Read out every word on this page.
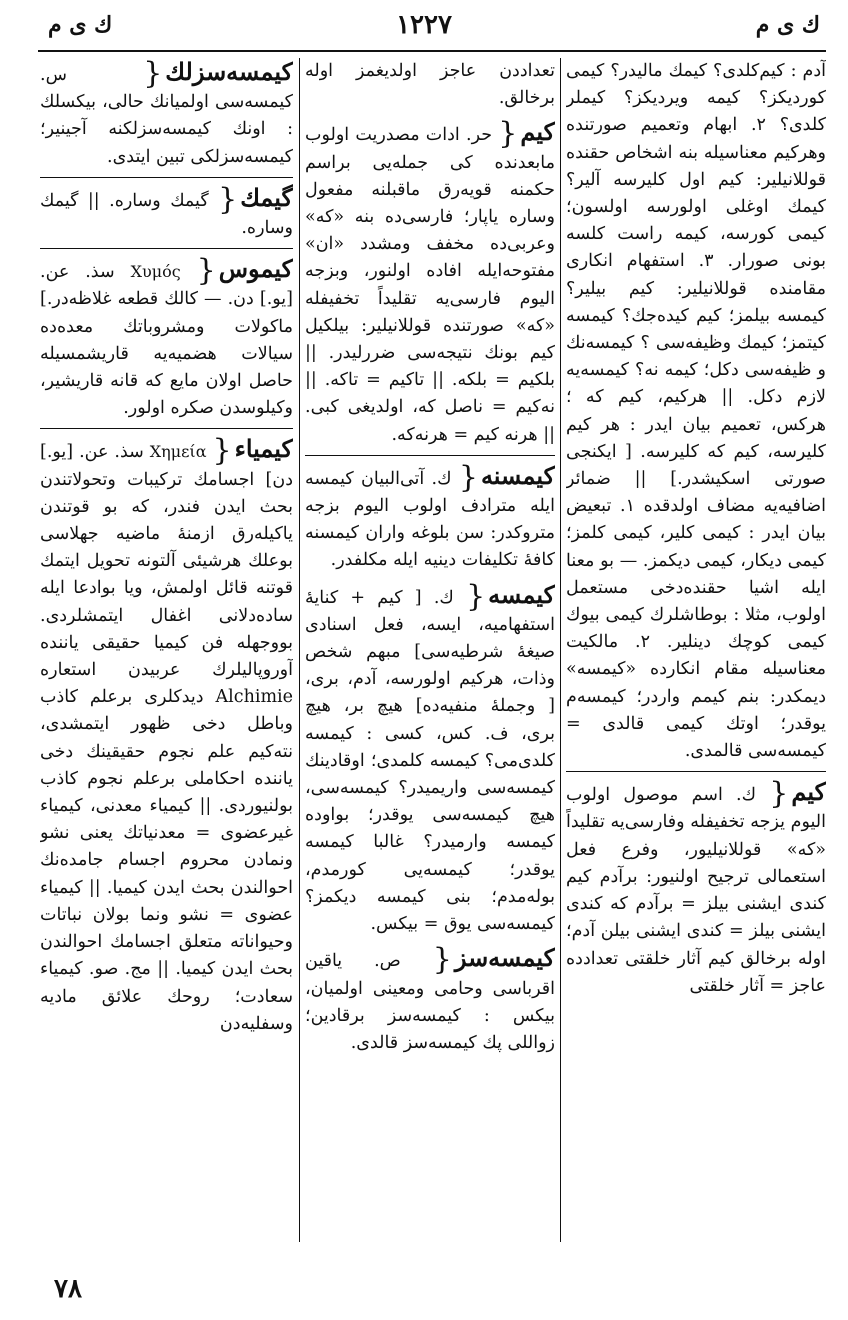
ك ی م	۱۲۲۷	ك ی م
آدم : کیم‌کلدی؟ کیمك مالیدر؟ کیمی کوردیکز؟ کیمه ویردیکز؟ کیملر کلدی؟ ۲. ابهام وتعمیم صورتنده وهرکیم معناسیله بنه اشخاص حقنده قوللانیلیر: کیم اول کلیرسه آلیر؟ کیمك اوغلی اولورسه اولسون؛ کیمی کورسه، کیمه راست کلسه بونی صورار. ۳. استفهام انکاری مقامنده قوللانیلیر: کیم بیلیر؟ کیمسه بیلمز؛ کیم کیده‌جك؟ کیمسه کیتمز؛ کیمك وظیفه‌سی ؟ کیمسه‌نك و ظیفه‌سی دکل؛ کیمه نه؟ کیمسه‌یه لازم دکل. || هرکیم، کیم که ؛ هرکس، تعمیم بیان ایدر : هر کیم کلیرسه، کیم که کلیرسه. [ ایکنجی صورتی اسکیشدر.] || ضمائر اضافیه‌یه مضاف اولدقده ۱. تبعیض بیان ایدر : کیمی کلیر، کیمی کلمز؛ کیمی دیکار، کیمی دیکمز. — بو معنا ایله اشیا حقنده‌دخی مستعمل اولوب، مثلا : بوطاشلرك کیمی بیوك کیمی کوچك دینلیر. ۲. مالکیت معناسیله مقام انکارده «کیمسه» دیمکدر: بنم کیمم واردر؛ کیمسه‌م یوقدر؛ اوتك کیمی قالدی = کیمسه‌سی قالمدی.
کیم{ ك. اسم موصول اولوب الیوم یزجه تخفیفله وفارسی‌یه تقلیداً «که» قوللانیلیور، وفرع فعل استعمالی ترجیح اولنیور: برآدم کیم کندی ایشنی بیلز = برآدم که کندی ایشنی بیلز = کندی ایشنی بیلن آدم؛ اوله برخالق کیم آثار خلقتی تعدادده عاجز = آثار خلقتی
تعداددن عاجز اولدیغمز اوله برخالق.
کیم{ حر. ادات مصدریت اولوب مابعدنده کی جمله‌یی براسم حکمنه قویه‌رق ماقبلنه مفعول وساره یاپار؛ فارسی‌ده بنه «که» وعربی‌ده مخفف ومشدد «ان» مفتوحه‌ایله افاده اولنور، وبزجه الیوم فارسی‌یه تقلیداً تخفیفله «که» صورتنده قوللانیلیر: بیلکیل کیم بونك نتیجه‌سی ضررلیدر. || بلکیم = بلکه. || تاکیم = تاکه. || نه‌کیم = ناصل که، اولدیغی کبی. || هرنه کیم = هرنه‌که.
کیمسنه{ ك. آتی‌البیان کیمسه ایله مترادف اولوب الیوم بزجه متروکدر: سن بلوغه واران کیمسنه کافهٔ تکلیفات دینیه ایله مکلفدر.
کیمسه{ ك. [ کیم + کنایهٔ استفهامیه، ایسه، فعل اسنادی صیغهٔ شرطیه‌سی] مبهم شخص وذات، هرکیم اولورسه، آدم، بری، [ وجملهٔ منفیه‌ده] هیچ بر، هیچ بری، ف. کس، کسی : کیمسه کلدی‌می؟ کیمسه کلمدی؛ اوقادینك کیمسه‌سی واریمیدر؟ کیمسه‌سی، هیچ کیمسه‌سی یوقدر؛ بواوده کیمسه وارمیدر؟ غالبا کیمسه یوقدر؛ کیمسه‌یی کورمدم، بوله‌مدم؛ بنی کیمسه دیکمز؟ کیمسه‌سی یوق = بیکس.
کیمسه‌سز{ ص. یاقین اقرباسی وحامی ومعینی اولمیان، بیکس : کیمسه‌سز برقادین؛ زواللی پك کیمسه‌سز قالدی.
کیمسه‌سزلك{ س. کیمسه‌سی اولمیانك حالی، بیکسلك : اونك کیمسه‌سزلکنه آجینیر؛ کیمسه‌سزلکی تبین ایتدی.
گیمك{ گیمك وساره. || گیمك وساره.
کیموس{ Χυμός سذ. عن. [یو.] دن. — كالك قطعه غلاظه‌در.] ماکولات ومشروباتك معده‌ده سیالات هضمیه‌یه قاریشمسیله حاصل اولان مایع که قانه قاریشیر، وکیلوسدن صکره اولور.
کیمیاء{ Χημεία سذ. عن. [یو.] دن] اجسامك ترکیبات وتحولاتندن بحث ایدن فندر، که بو قوتندن یاکیله‌رق ازمنهٔ ماضیه جهلاسی بوعلك هرشیئی آلتونه تحویل ایتمك قوتنه قائل اولمش، ویا بوادعا ایله ساده‌دلانی اغفال ایتمشلردی. بووجهله فن کیمیا حقیقی یاننده آوروپالیلرك عربیدن استعاره Alchimie دیدکلری برعلم کاذب وباطل دخی ظهور ایتمشدی، نته‌کیم علم نجوم حقیقینك دخی یاننده احکاملی برعلم نجوم کاذب بولنیوردی. || کیمیاء معدنی، کیمیاء غیرعضوی = معدنیاتك یعنی نشو ونمادن محروم اجسام جامده‌نك احوالندن بحث ایدن کیمیا. || کیمیاء عضوی = نشو ونما بولان نباتات وحیواناته متعلق اجسامك احوالندن بحث ایدن کیمیا. || مج. صو. کیمیاء سعادت؛ روحك علائق مادیه وسفلیه‌دن
۷۸
